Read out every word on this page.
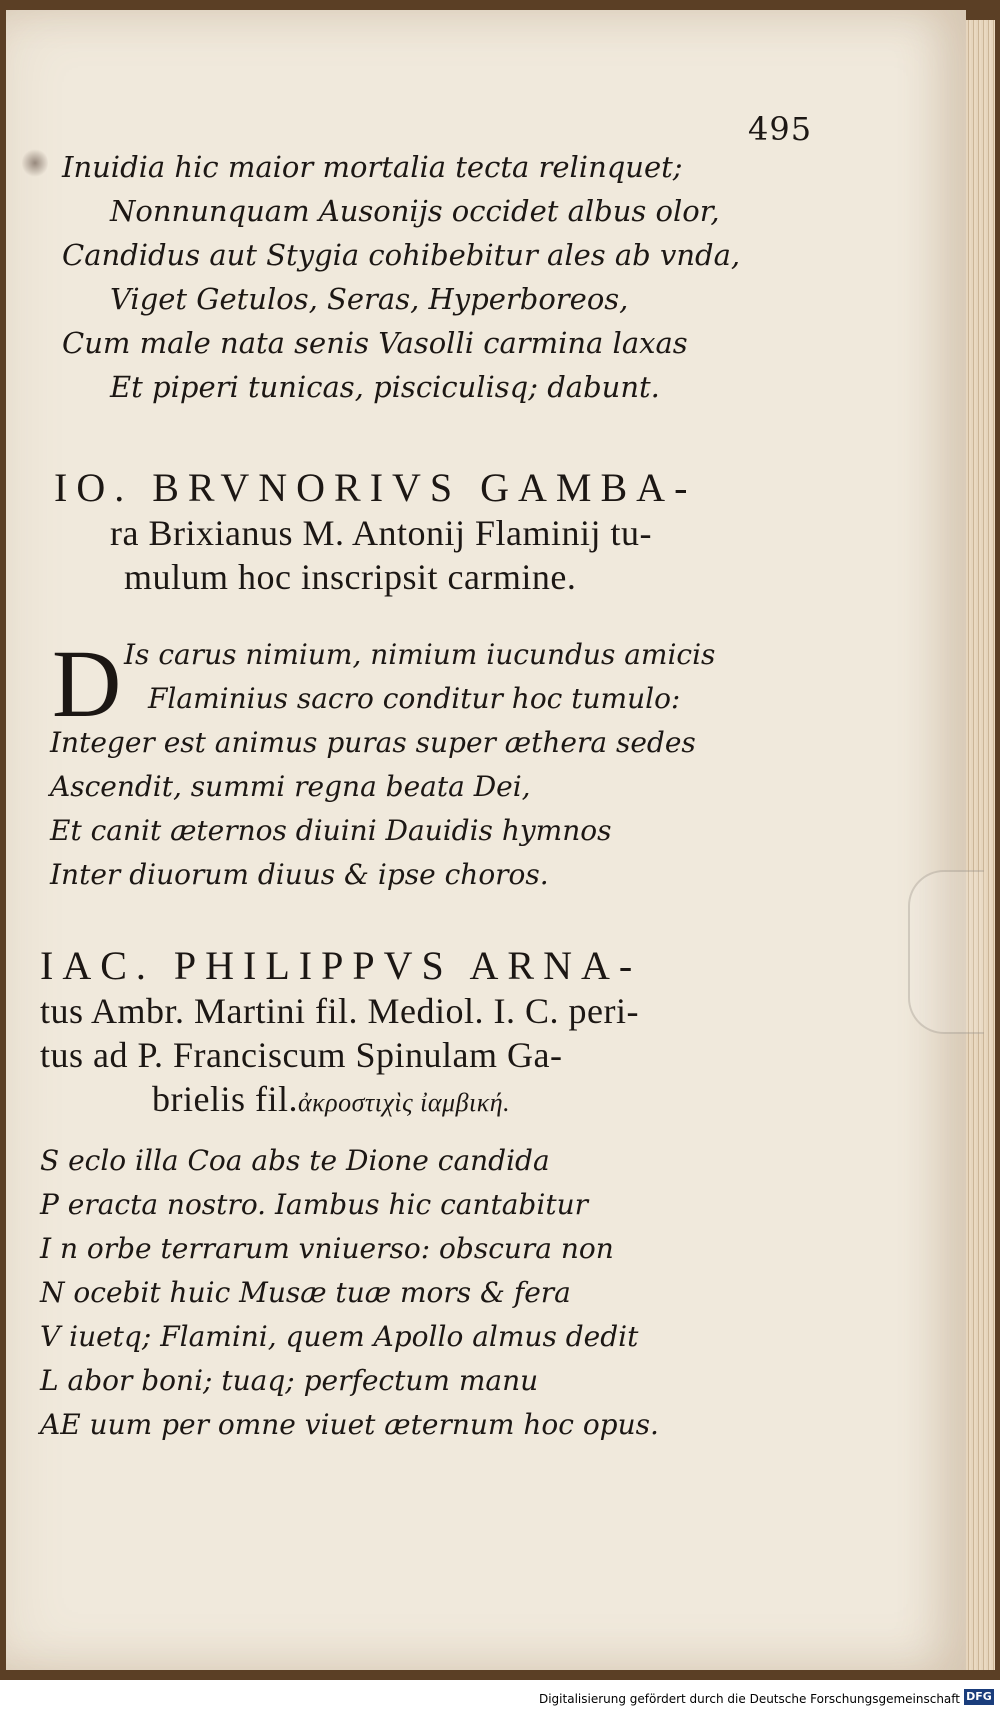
495
Inuidia hic maior mortalia tecta relinquet;
Nonnunquam Ausonijs occidet albus olor,
Candidus aut Stygia cohibebitur ales ab vnda,
Viget Getulos, Seras, Hyperboreos,
Cum male nata senis Vasolli carmina laxas
Et piperi tunicas, pisciculisq; dabunt.
IO. BRVNORIVS GAMBA-
ra Brixianus M. Antonij Flaminij tu-
mulum hoc inscripsit carmine.
D Is carus nimium, nimium iucundus amicis
Flaminius sacro conditur hoc tumulo:
Integer est animus puras super æthera sedes
Ascendit, summi regna beata Dei,
Et canit æternos diuini Dauidis hymnos
Inter diuorum diuus & ipse choros.
IAC. PHILIPPVS ARNA-
tus Ambr. Martini fil. Mediol. I. C. peri-
tus ad P. Franciscum Spinulam Ga-
brielis fil.ἀκροστιχὶς ἰαμβική.
S eclo illa Coa abs te Dione candida
P eracta nostro. Iambus hic cantabitur
I n orbe terrarum vniuerso: obscura non
N ocebit huic Musæ tuæ mors & fera
V iuetq; Flamini, quem Apollo almus dedit
L abor boni; tuaq; perfectum manu
AE uum per omne viuet æternum hoc opus.
Digitalisierung gefördert durch die Deutsche Forschungsgemeinschaft DFG
